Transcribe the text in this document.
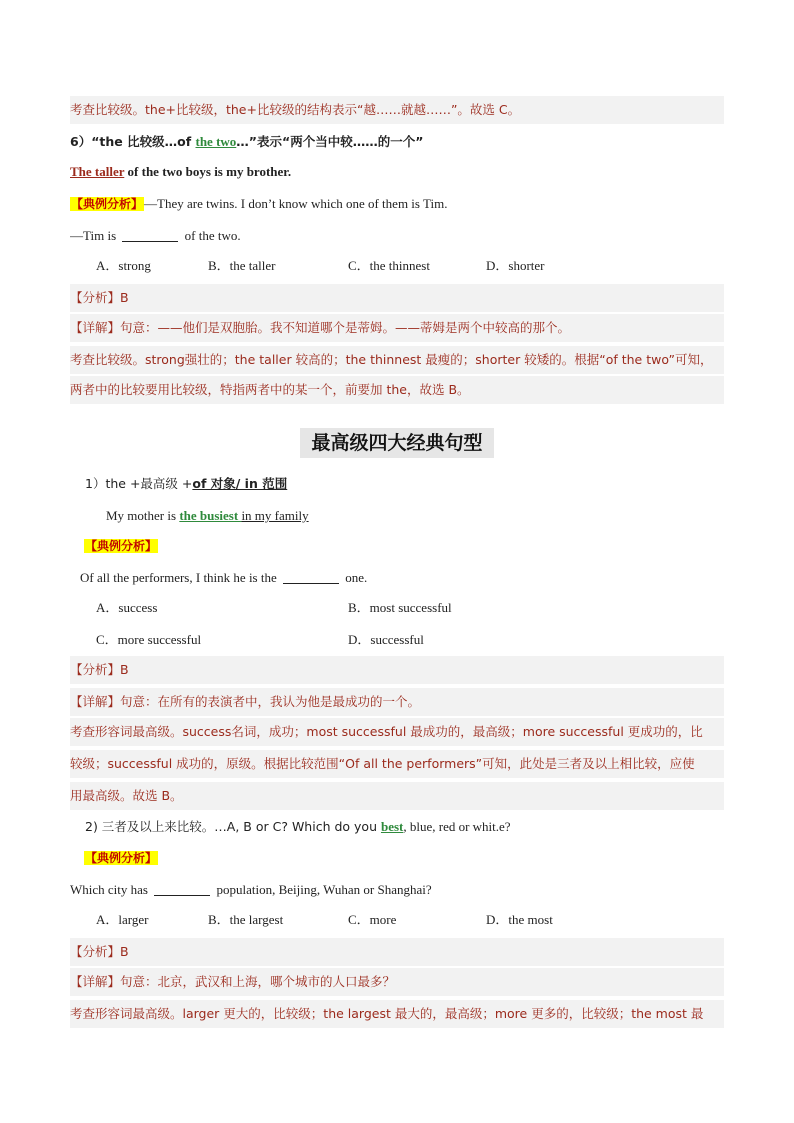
考查比较级。the+比较级，the+比较级的结构表示“越……就越……”。故选 C。
6）“the 比较级…of the two…”表示“两个当中较……的一个”
The taller of the two boys is my brother.
【典例分析】—They are twins. I don’t know which one of them is Tim.
—Tim is	of the two.
A．strong	B．the taller	C．the thinnest	D．shorter
【分析】B
【详解】句意：——他们是双胞胎。我不知道哪个是蒂姆。——蒂姆是两个中较高的那个。
考查比较级。strong强壮的；the taller 较高的；the thinnest 最瘦的；shorter 较矮的。根据“of the two”可知，
两者中的比较要用比较级，特指两者中的某一个，前要加 the，故选 B。
最高级四大经典句型
1）the +最高级 +of 对象/ in 范围
My mother is the busiest in my family
【典例分析】
Of all the performers, I think he is the	one.
A．success	B．most successful
C．more successful	D．successful
【分析】B
【详解】句意：在所有的表演者中，我认为他是最成功的一个。
考查形容词最高级。success名词，成功；most successful 最成功的，最高级；more successful 更成功的，比
较级；successful 成功的，原级。根据比较范围“Of all the performers”可知，此处是三者及以上相比较，应使
用最高级。故选 B。
2) 三者及以上来比较。…A, B or C? Which do you best, blue, red or whit.e?
【典例分析】
Which city has	population, Beijing, Wuhan or Shanghai?
A．larger	B．the largest	C．more	D．the most
【分析】B
【详解】句意：北京，武汉和上海，哪个城市的人口最多？
考查形容词最高级。larger 更大的，比较级；the largest 最大的，最高级；more 更多的，比较级；the most 最
